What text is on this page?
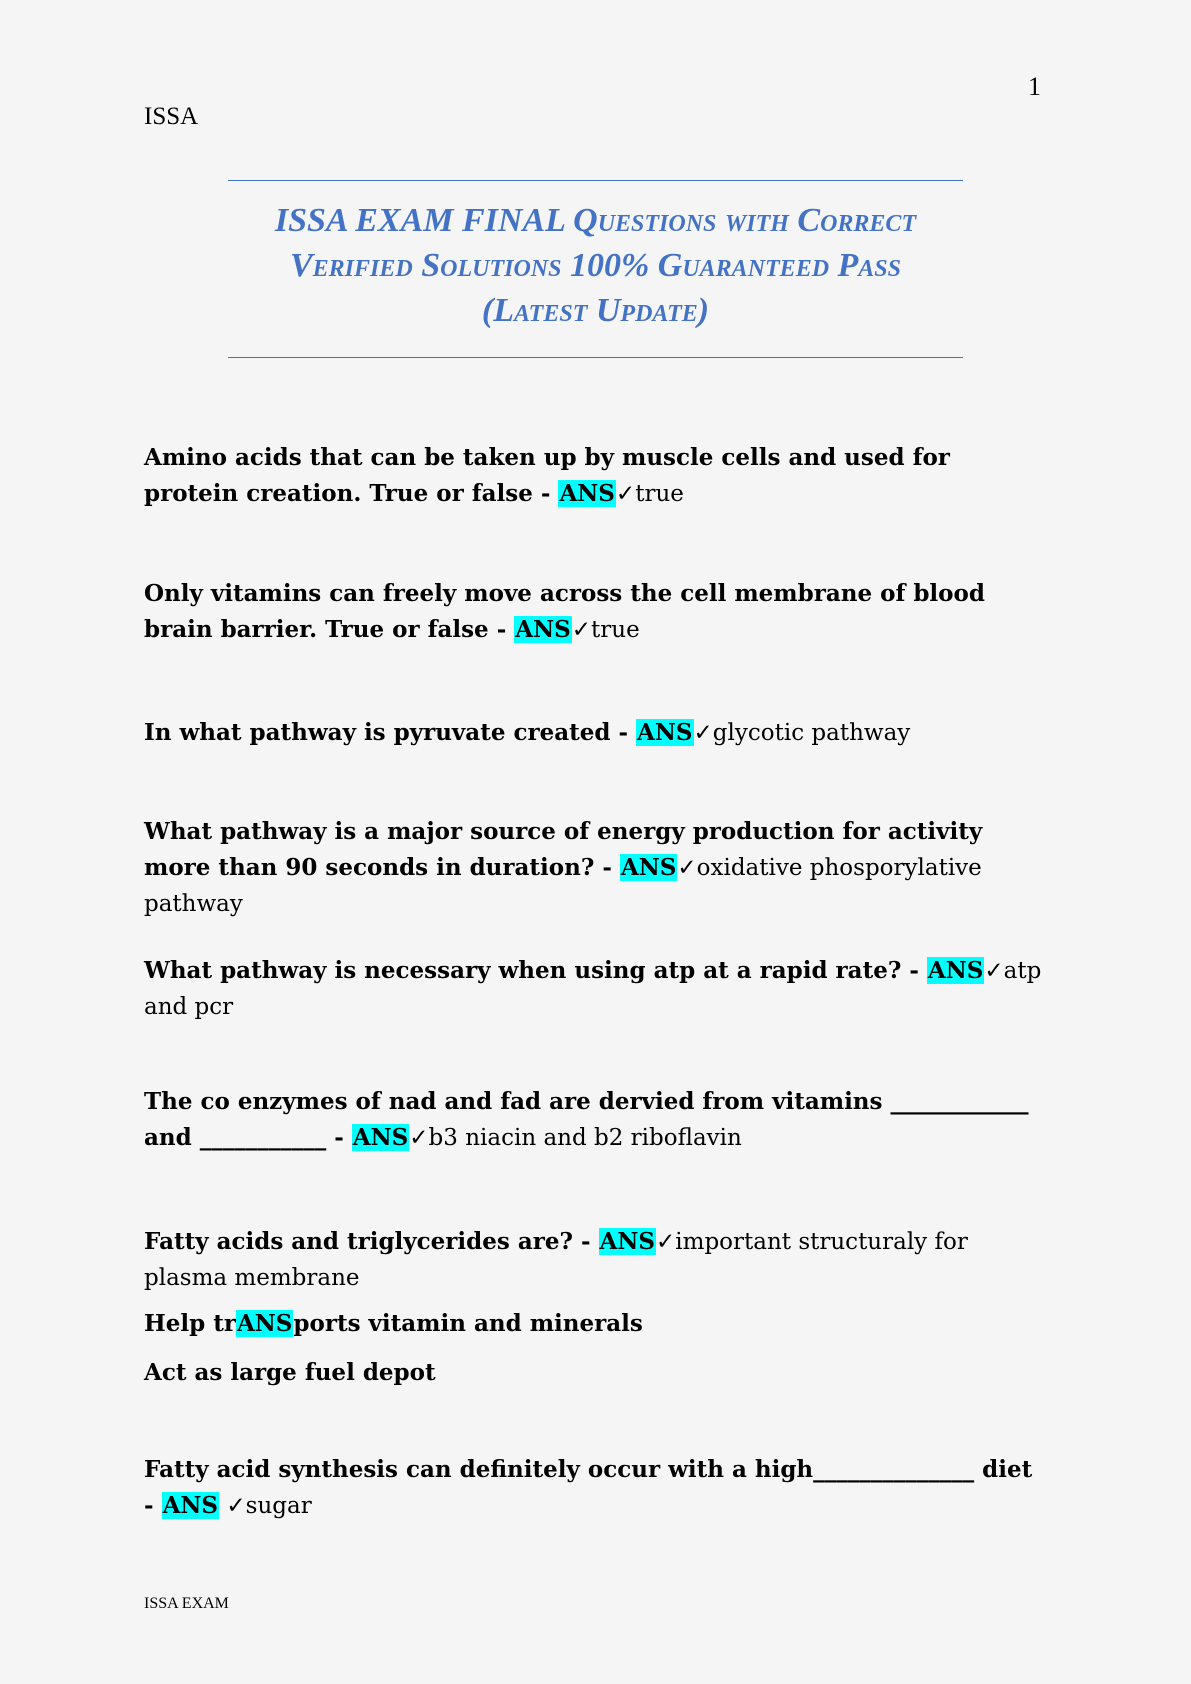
1
ISSA
ISSA EXAM FINAL Questions with Correct
Verified Solutions 100% Guaranteed Pass
(Latest Update)
Amino acids that can be taken up by muscle cells and used for protein creation. True or false - ANS✓true
Only vitamins can freely move across the cell membrane of blood brain barrier. True or false - ANS✓true
In what pathway is pyruvate created - ANS✓glycotic pathway
What pathway is a major source of energy production for activity more than 90 seconds in duration? - ANS✓oxidative phosporylative pathway
What pathway is necessary when using atp at a rapid rate? - ANS✓atp and pcr
The co enzymes of nad and fad are dervied from vitamins ____________ and ___________ - ANS✓b3 niacin and b2 riboflavin
Fatty acids and triglycerides are? - ANS✓important structuraly for plasma membrane
Help trANSports vitamin and minerals
Act as large fuel depot
Fatty acid synthesis can definitely occur with a high______________ diet - ANS ✓sugar
ISSA EXAM
